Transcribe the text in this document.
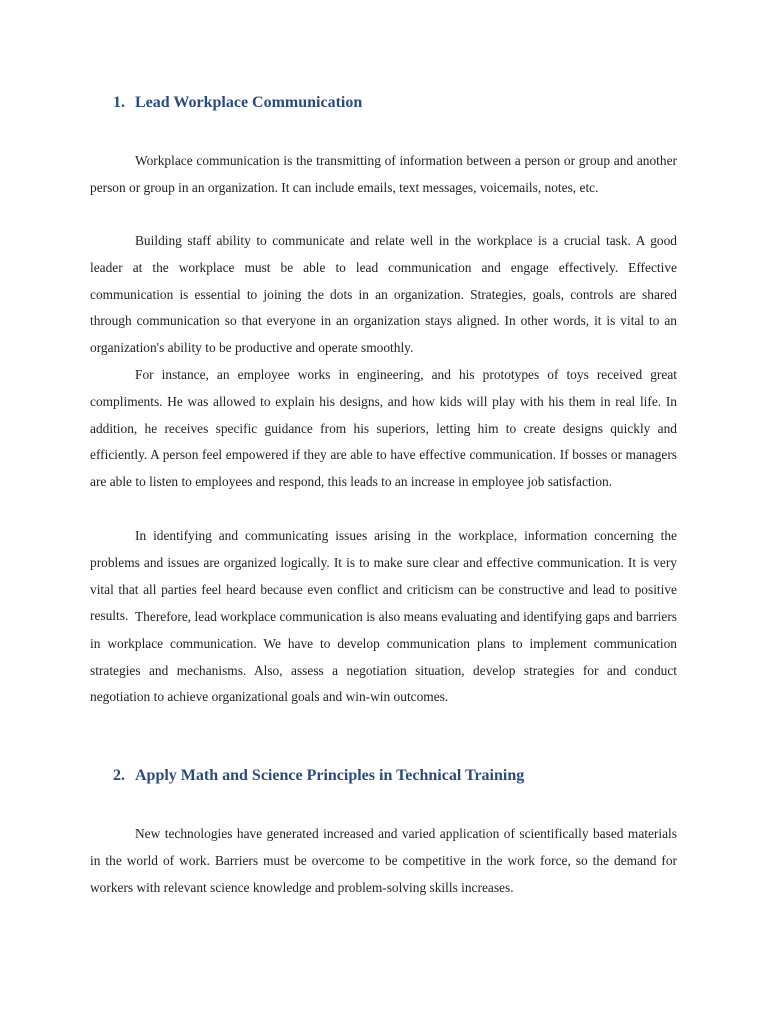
1. Lead Workplace Communication

Workplace communication is the transmitting of information between a person or group and another person or group in an organization. It can include emails, text messages, voicemails, notes, etc.

Building staff ability to communicate and relate well in the workplace is a crucial task. A good leader at the workplace must be able to lead communication and engage effectively. Effective communication is essential to joining the dots in an organization. Strategies, goals, controls are shared through communication so that everyone in an organization stays aligned. In other words, it is vital to an organization's ability to be productive and operate smoothly.

For instance, an employee works in engineering, and his prototypes of toys received great compliments. He was allowed to explain his designs, and how kids will play with his them in real life. In addition, he receives specific guidance from his superiors, letting him to create designs quickly and efficiently. A person feel empowered if they are able to have effective communication. If bosses or managers are able to listen to employees and respond, this leads to an increase in employee job satisfaction.

In identifying and communicating issues arising in the workplace, information concerning the problems and issues are organized logically. It is to make sure clear and effective communication. It is very vital that all parties feel heard because even conflict and criticism can be constructive and lead to positive results. Therefore, lead workplace communication is also means evaluating and identifying gaps and barriers in workplace communication. We have to develop communication plans to implement communication strategies and mechanisms. Also, assess a negotiation situation, develop strategies for and conduct negotiation to achieve organizational goals and win-win outcomes.

2. Apply Math and Science Principles in Technical Training

New technologies have generated increased and varied application of scientifically based materials in the world of work. Barriers must be overcome to be competitive in the work force, so the demand for workers with relevant science knowledge and problem-solving skills increases.
